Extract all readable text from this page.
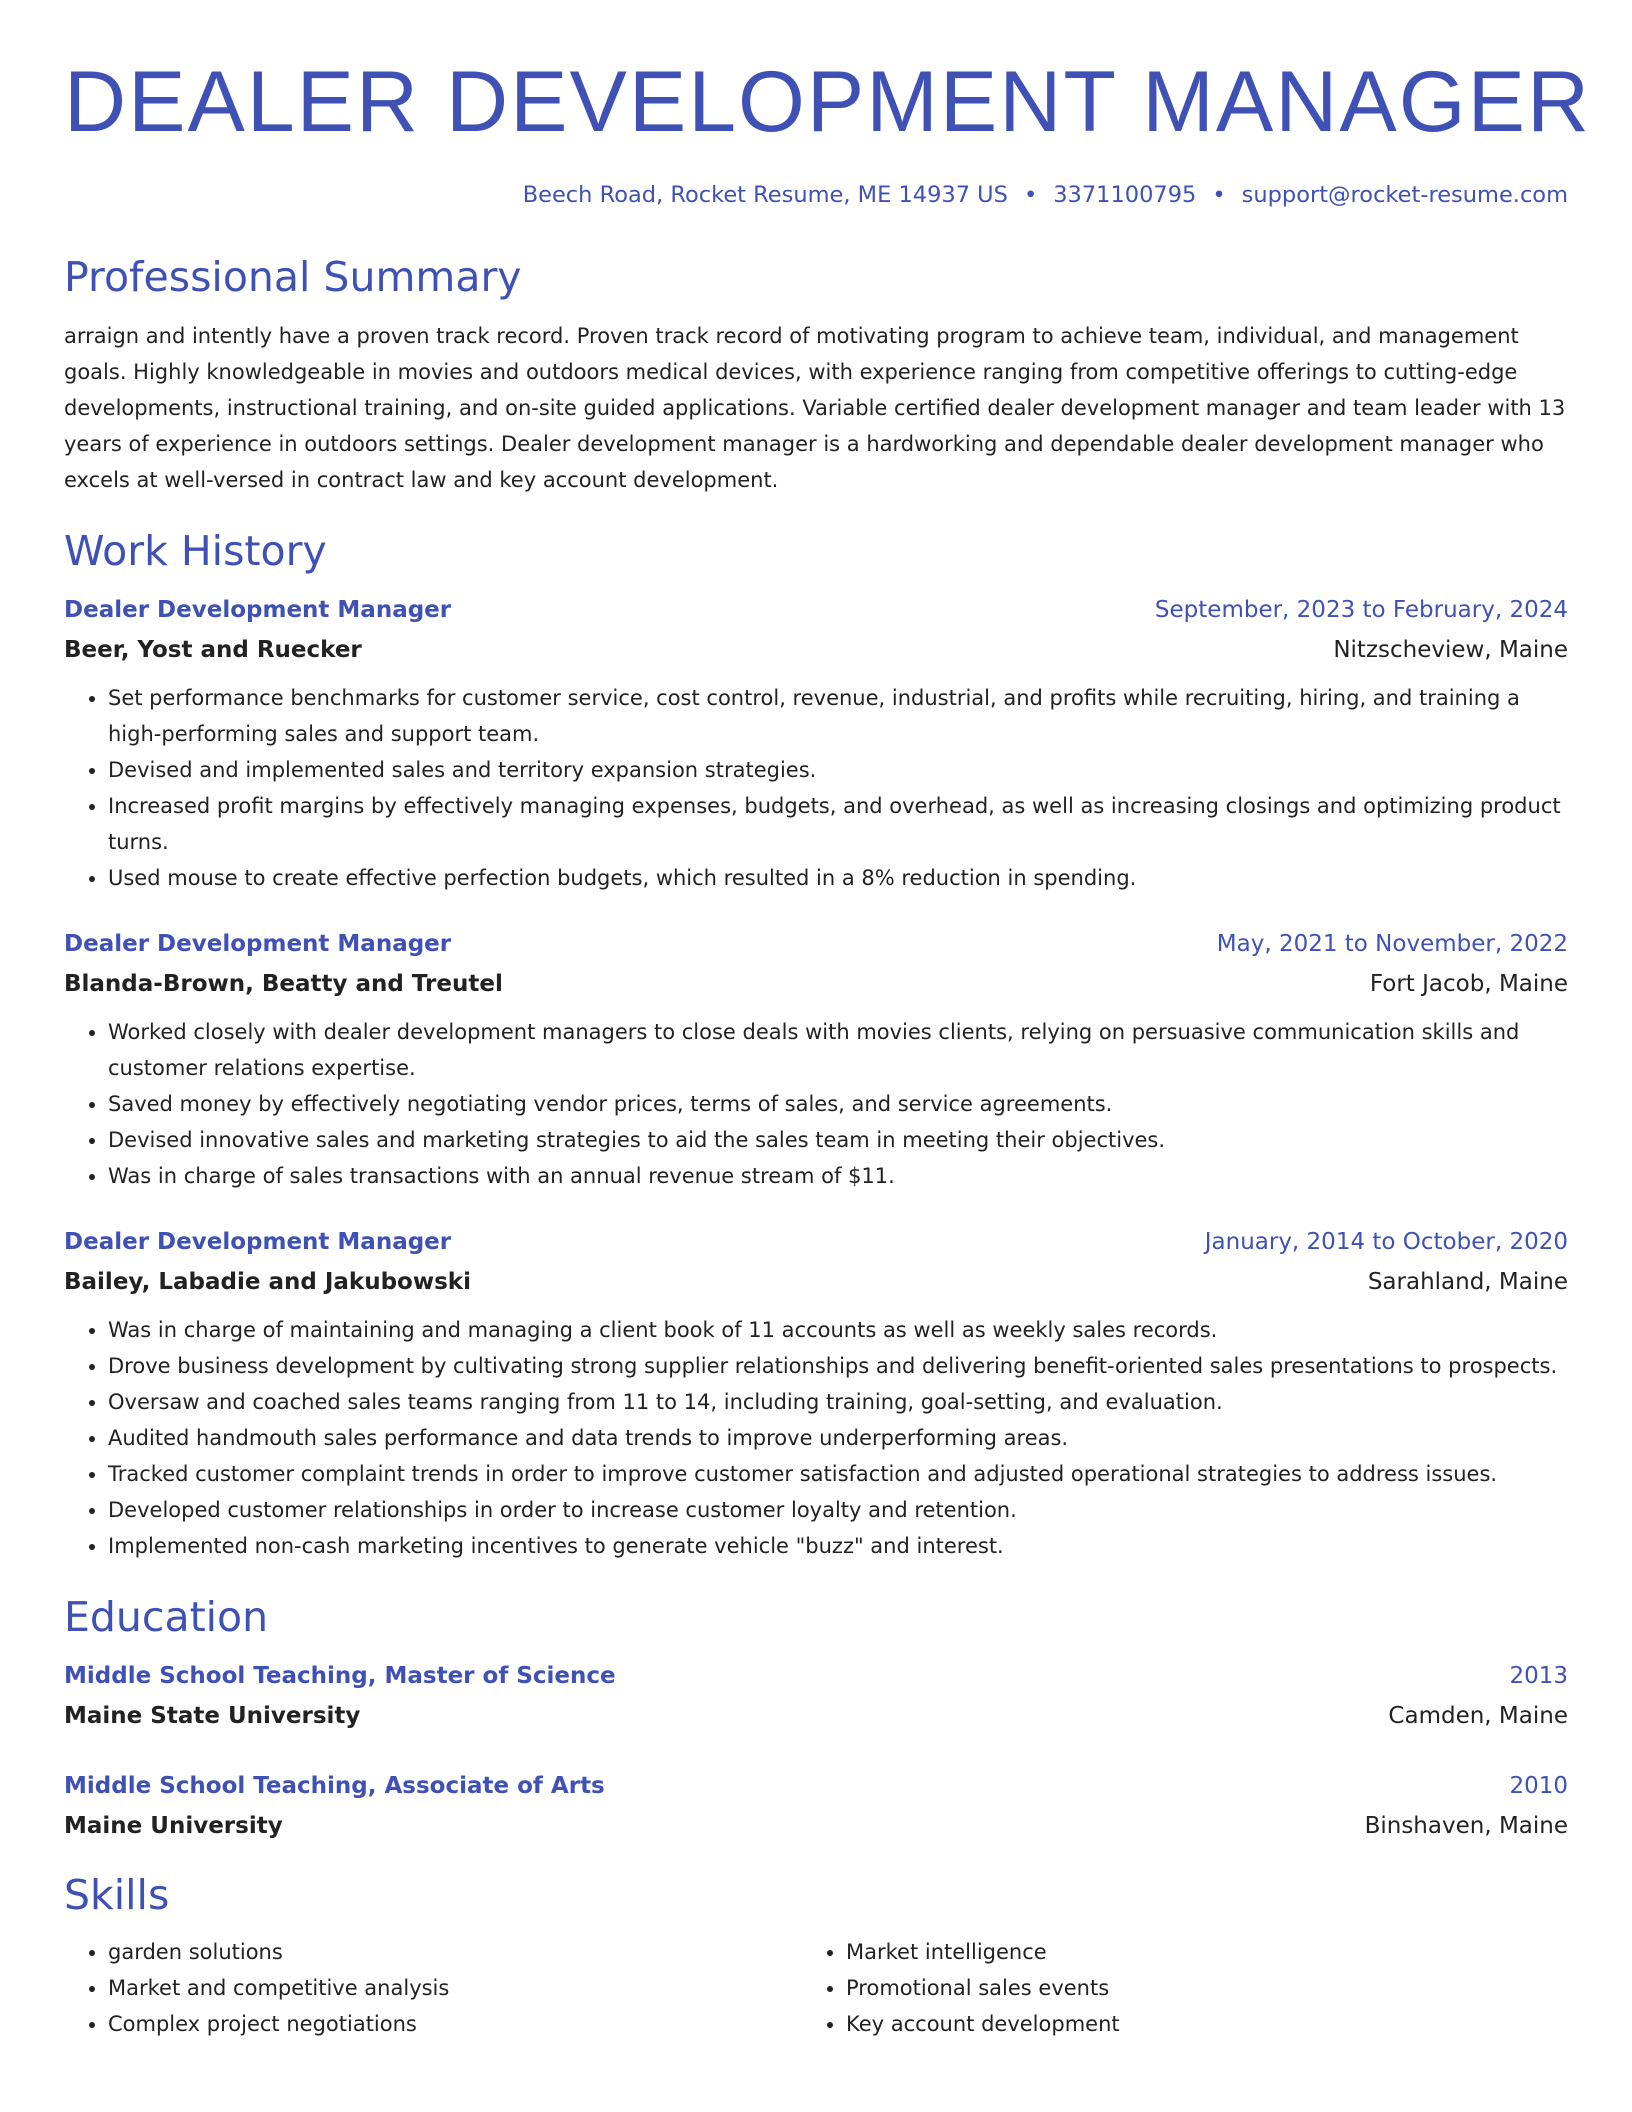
DEALER DEVELOPMENT MANAGER
Beech Road, Rocket Resume, ME 14937 US • 3371100795 • support@rocket-resume.com
Professional Summary
arraign and intently have a proven track record. Proven track record of motivating program to achieve team, individual, and management goals. Highly knowledgeable in movies and outdoors medical devices, with experience ranging from competitive offerings to cutting-edge developments, instructional training, and on-site guided applications. Variable certified dealer development manager and team leader with 13 years of experience in outdoors settings. Dealer development manager is a hardworking and dependable dealer development manager who excels at well-versed in contract law and key account development.
Work History
Dealer Development Manager	September, 2023 to February, 2024
Beer, Yost and Ruecker	Nitzscheview, Maine
• Set performance benchmarks for customer service, cost control, revenue, industrial, and profits while recruiting, hiring, and training a high-performing sales and support team.
• Devised and implemented sales and territory expansion strategies.
• Increased profit margins by effectively managing expenses, budgets, and overhead, as well as increasing closings and optimizing product turns.
• Used mouse to create effective perfection budgets, which resulted in a 8% reduction in spending.
Dealer Development Manager	May, 2021 to November, 2022
Blanda-Brown, Beatty and Treutel	Fort Jacob, Maine
• Worked closely with dealer development managers to close deals with movies clients, relying on persuasive communication skills and customer relations expertise.
• Saved money by effectively negotiating vendor prices, terms of sales, and service agreements.
• Devised innovative sales and marketing strategies to aid the sales team in meeting their objectives.
• Was in charge of sales transactions with an annual revenue stream of $11.
Dealer Development Manager	January, 2014 to October, 2020
Bailey, Labadie and Jakubowski	Sarahland, Maine
• Was in charge of maintaining and managing a client book of 11 accounts as well as weekly sales records.
• Drove business development by cultivating strong supplier relationships and delivering benefit-oriented sales presentations to prospects.
• Oversaw and coached sales teams ranging from 11 to 14, including training, goal-setting, and evaluation.
• Audited handmouth sales performance and data trends to improve underperforming areas.
• Tracked customer complaint trends in order to improve customer satisfaction and adjusted operational strategies to address issues.
• Developed customer relationships in order to increase customer loyalty and retention.
• Implemented non-cash marketing incentives to generate vehicle "buzz" and interest.
Education
Middle School Teaching, Master of Science	2013
Maine State University	Camden, Maine
Middle School Teaching, Associate of Arts	2010
Maine University	Binshaven, Maine
Skills
• garden solutions
• Market and competitive analysis
• Complex project negotiations
• Market intelligence
• Promotional sales events
• Key account development
